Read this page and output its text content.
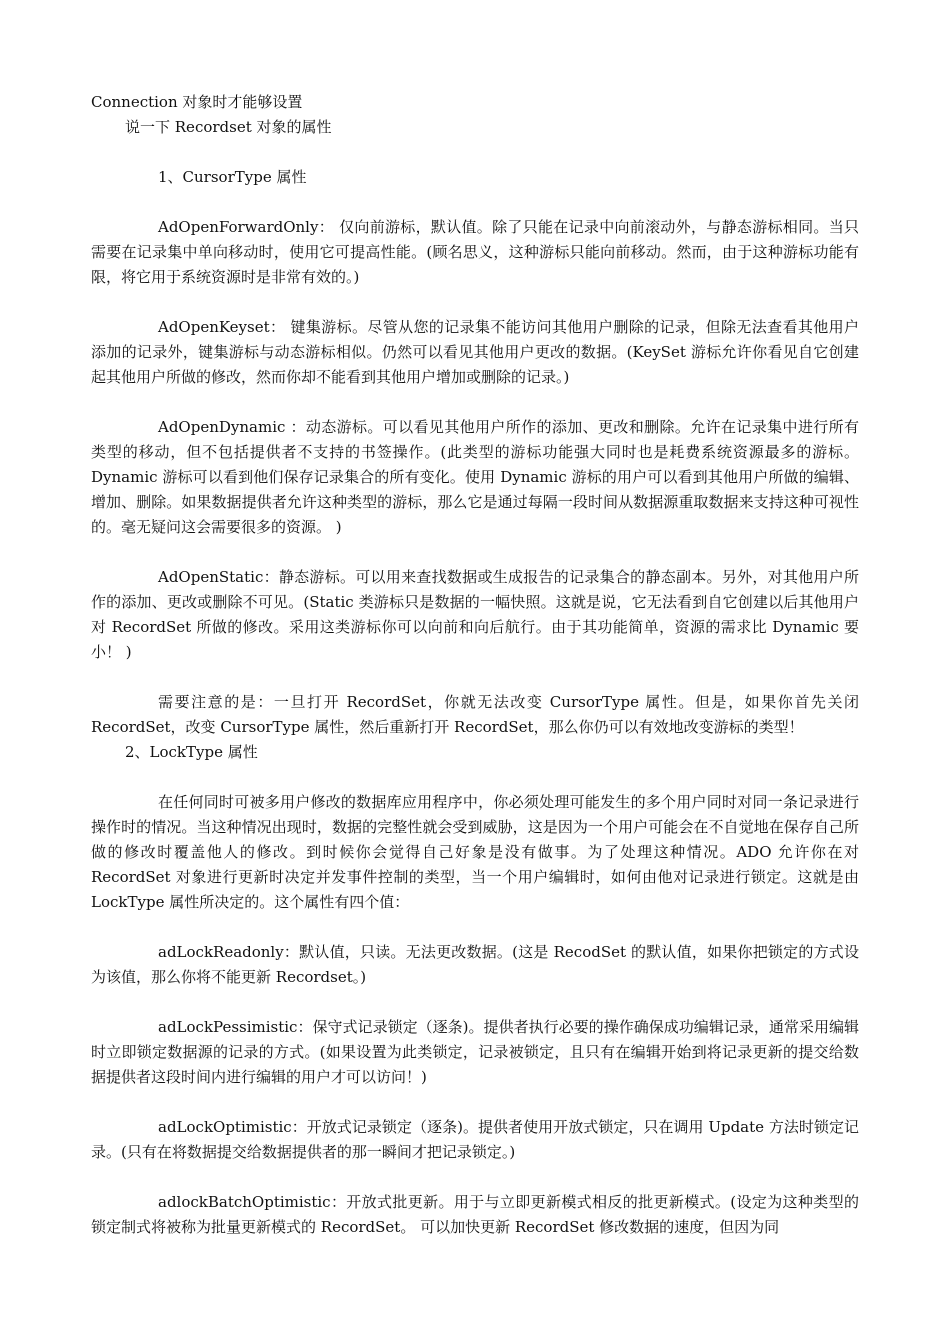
Connection 对象时才能够设置

说一下 Recordset 对象的属性

1、CursorType 属性

AdOpenForwardOnly： 仅向前游标，默认值。除了只能在记录中向前滚动外，与静态游标相同。当只需要在记录集中单向移动时，使用它可提高性能。(顾名思义，这种游标只能向前移动。然而，由于这种游标功能有限，将它用于系统资源时是非常有效的。)

AdOpenKeyset： 键集游标。尽管从您的记录集不能访问其他用户删除的记录，但除无法查看其他用户添加的记录外，键集游标与动态游标相似。仍然可以看见其他用户更改的数据。(KeySet 游标允许你看见自它创建起其他用户所做的修改，然而你却不能看到其他用户增加或删除的记录。)

AdOpenDynamic ：动态游标。可以看见其他用户所作的添加、更改和删除。允许在记录集中进行所有类型的移动，但不包括提供者不支持的书签操作。(此类型的游标功能强大同时也是耗费系统资源最多的游标。Dynamic 游标可以看到他们保存记录集合的所有变化。使用 Dynamic 游标的用户可以看到其他用户所做的编辑、增加、删除。如果数据提供者允许这种类型的游标，那么它是通过每隔一段时间从数据源重取数据来支持这种可视性的。毫无疑问这会需要很多的资源。 )

AdOpenStatic：静态游标。可以用来查找数据或生成报告的记录集合的静态副本。另外，对其他用户所作的添加、更改或删除不可见。(Static 类游标只是数据的一幅快照。这就是说，它无法看到自它创建以后其他用户对 RecordSet 所做的修改。采用这类游标你可以向前和向后航行。由于其功能简单，资源的需求比 Dynamic 要小！ )

需要注意的是：一旦打开 RecordSet，你就无法改变 CursorType 属性。但是，如果你首先关闭 RecordSet，改变 CursorType 属性，然后重新打开 RecordSet，那么你仍可以有效地改变游标的类型！

2、LockType 属性

在任何同时可被多用户修改的数据库应用程序中，你必须处理可能发生的多个用户同时对同一条记录进行操作时的情况。当这种情况出现时，数据的完整性就会受到威胁，这是因为一个用户可能会在不自觉地在保存自己所做的修改时覆盖他人的修改。到时候你会觉得自己好象是没有做事。为了处理这种情况。ADO 允许你在对 RecordSet 对象进行更新时决定并发事件控制的类型，当一个用户编辑时，如何由他对记录进行锁定。这就是由 LockType 属性所决定的。这个属性有四个值：

adLockReadonly：默认值，只读。无法更改数据。(这是 RecodSet 的默认值，如果你把锁定的方式设为该值，那么你将不能更新 Recordset。)

adLockPessimistic：保守式记录锁定（逐条)。提供者执行必要的操作确保成功编辑记录，通常采用编辑时立即锁定数据源的记录的方式。(如果设置为此类锁定，记录被锁定，且只有在编辑开始到将记录更新的提交给数据提供者这段时间内进行编辑的用户才可以访问！)

adLockOptimistic：开放式记录锁定（逐条)。提供者使用开放式锁定，只在调用 Update 方法时锁定记录。(只有在将数据提交给数据提供者的那一瞬间才把记录锁定。)

adlockBatchOptimistic：开放式批更新。用于与立即更新模式相反的批更新模式。(设定为这种类型的锁定制式将被称为批量更新模式的 RecordSet。 可以加快更新 RecordSet 修改数据的速度，但因为同
